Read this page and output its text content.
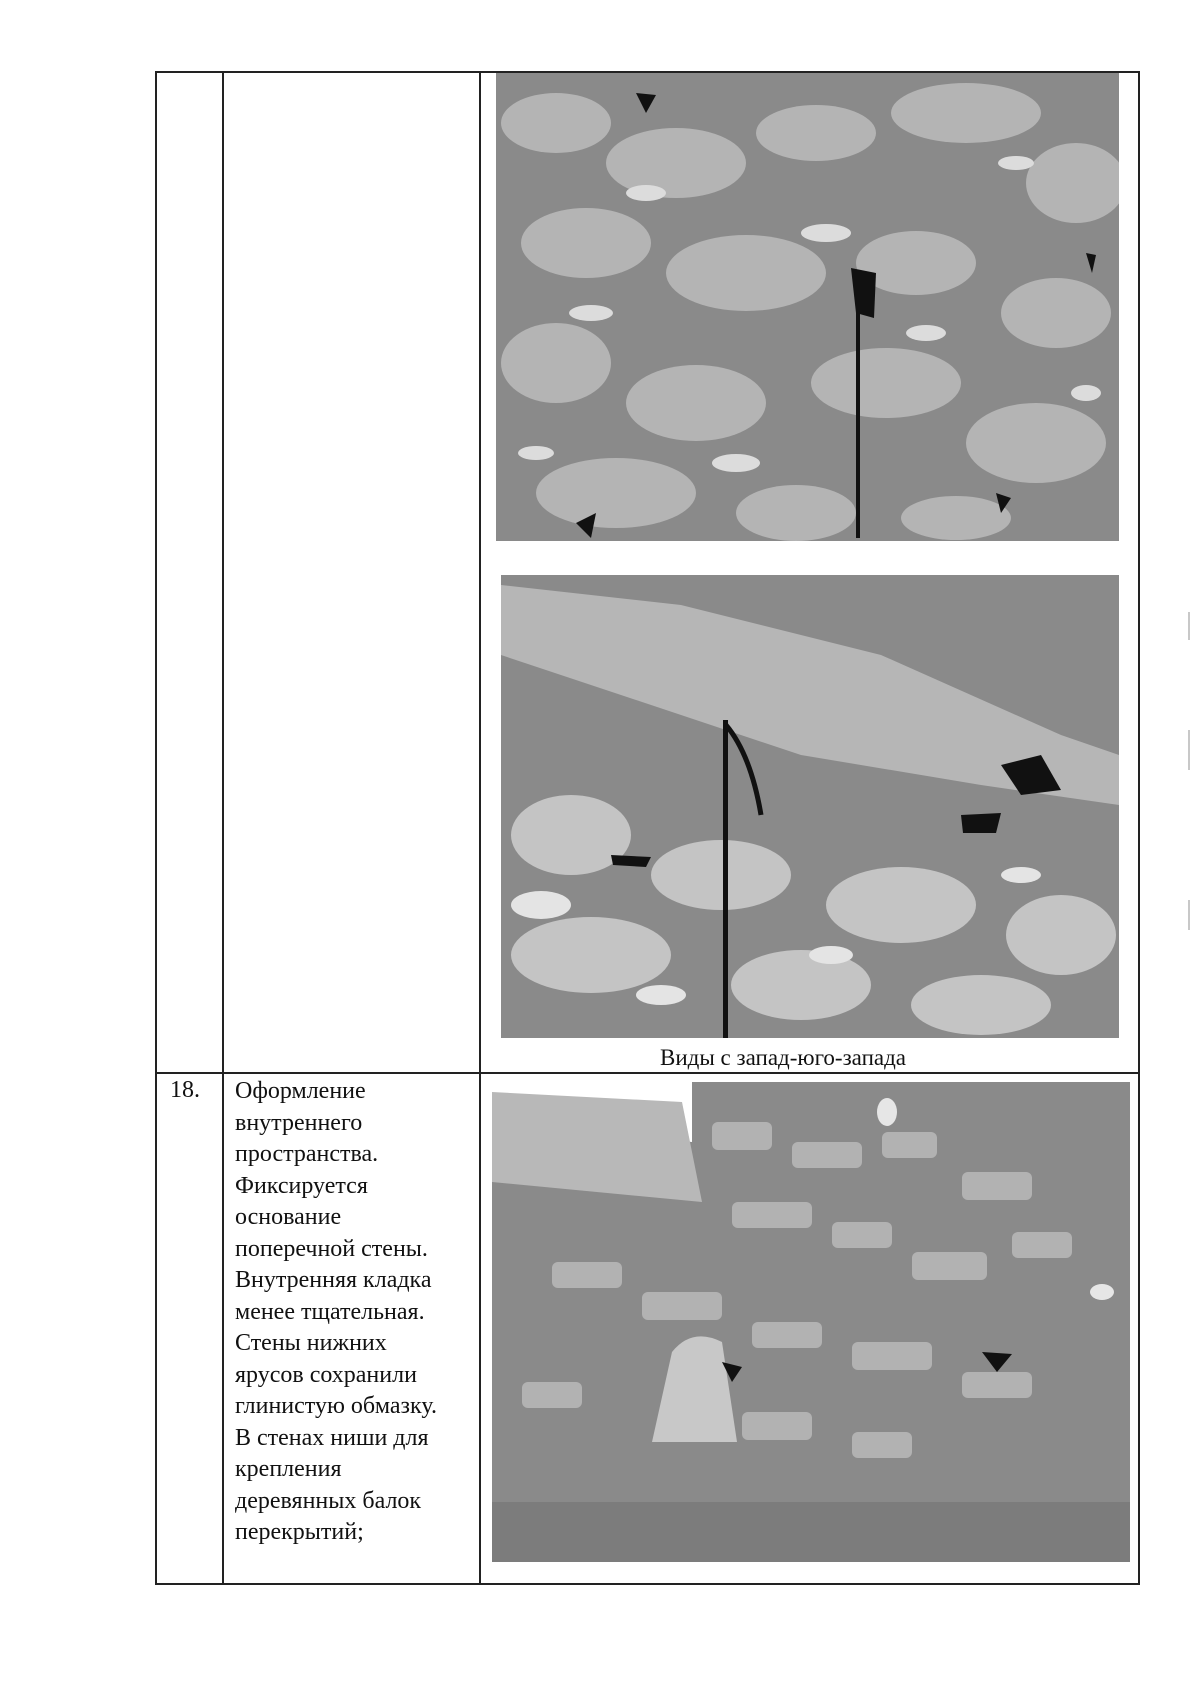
Виды с запад-юго-запада
18. Оформление внутреннего пространства. Фиксируется основание поперечной стены. Внутренняя кладка менее тщательная. Стены нижних ярусов сохранили глинистую обмазку. В стенах ниши для крепления деревянных балок перекрытий;
